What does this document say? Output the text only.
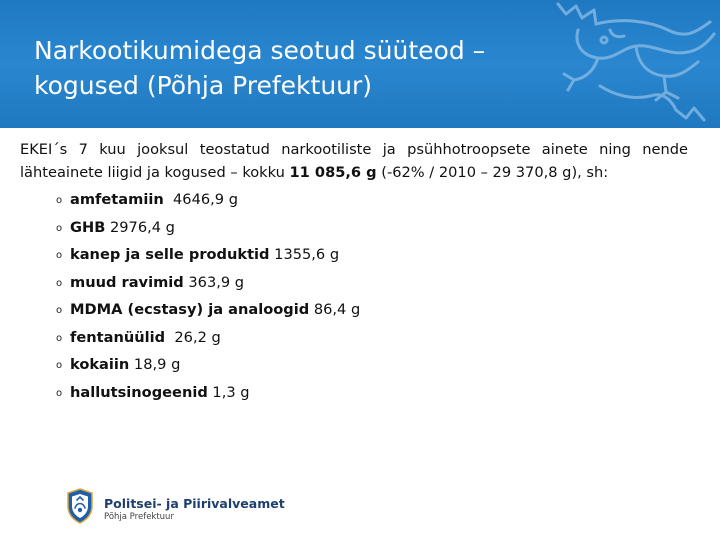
Narkootikumidega seotud süüteod –
kogused (Põhja Prefektuur)
EKEI´s 7 kuu jooksul teostatud narkootiliste ja psühhotroopsete ainete ning nende
lähteainete liigid ja kogused – kokku 11 085,6 g (-62% / 2010 – 29 370,8 g), sh:
o amfetamiin  4646,9 g
o GHB 2976,4 g
o kanep ja selle produktid 1355,6 g
o muud ravimid 363,9 g
o MDMA (ecstasy) ja analoogid 86,4 g
o fentanüülid  26,2 g
o kokaiin 18,9 g
o hallutsinogeenid 1,3 g
Politsei- ja Piirivalveamet
Põhja Prefektuur
